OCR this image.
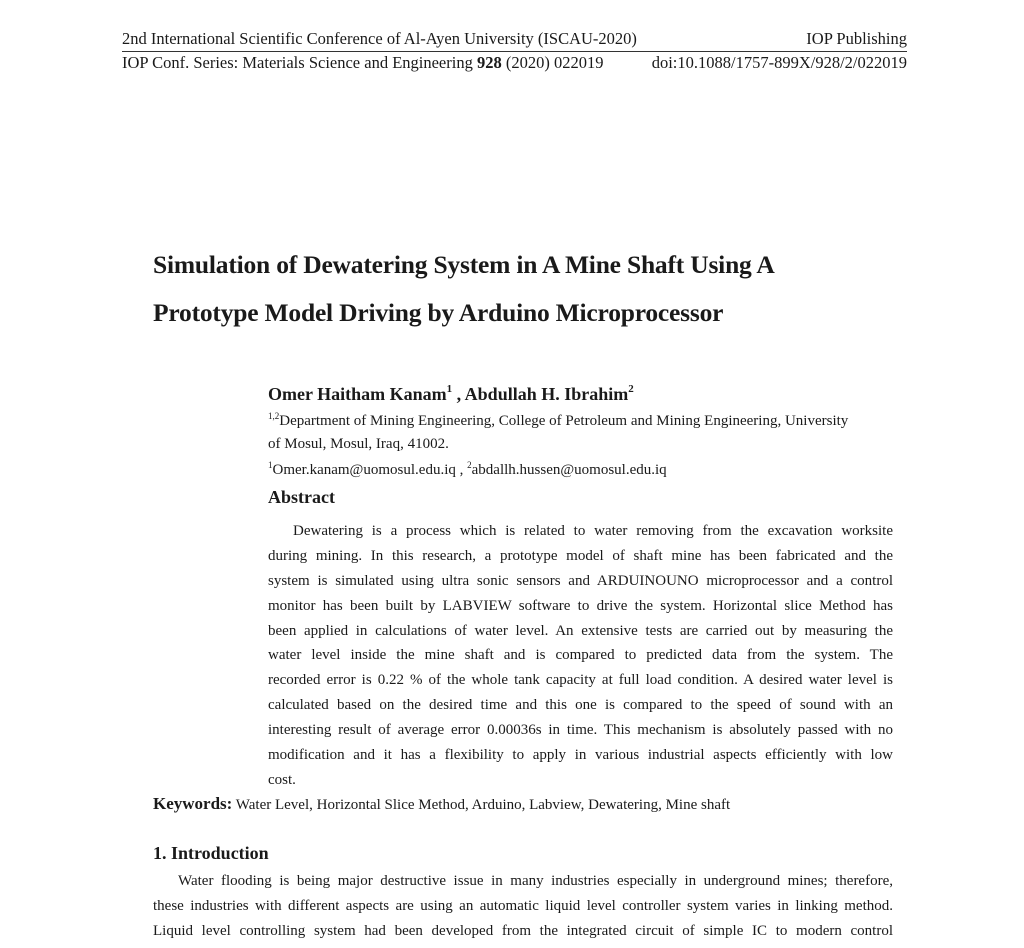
2nd International Scientific Conference of Al-Ayen University (ISCAU-2020)	IOP Publishing
IOP Conf. Series: Materials Science and Engineering 928 (2020) 022019	doi:10.1088/1757-899X/928/2/022019
Simulation of Dewatering System in A Mine Shaft Using A
Prototype Model Driving by Arduino Microprocessor
Omer Haitham Kanam$^1$ , Abdullah H. Ibrahim$^2$
$^{1,2}$Department of Mining Engineering, College of Petroleum and Mining Engineering, University
of Mosul, Mosul, Iraq, 41002.
$^1$Omer.kanam@uomosul.edu.iq , $^2$abdallh.hussen@uomosul.edu.iq
Abstract
Dewatering is a process which is related to water removing from the excavation worksite
during mining. In this research, a prototype model of shaft mine has been fabricated and the
system is simulated using ultra sonic sensors and ARDUINOUNO microprocessor and a control
monitor has been built by LABVIEW software to drive the system. Horizontal slice Method has
been applied in calculations of water level. An extensive tests are carried out by measuring the
water level inside the mine shaft and is compared to predicted data from the system. The
recorded error is 0.22 % of the whole tank capacity at full load condition. A desired water level is
calculated based on the desired time and this one is compared to the speed of sound with an
interesting result of average error 0.00036s in time. This mechanism is absolutely passed with no
modification and it has a flexibility to apply in various industrial aspects efficiently with low
cost.
Keywords: Water Level, Horizontal Slice Method, Arduino, Labview, Dewatering, Mine shaft
1. Introduction
Water flooding is being major destructive issue in many industries especially in underground mines; therefore,
these industries with different aspects are using an automatic liquid level controller system varies in linking method.
Liquid level controlling system had been developed from the integrated circuit of simple IC to modern control
